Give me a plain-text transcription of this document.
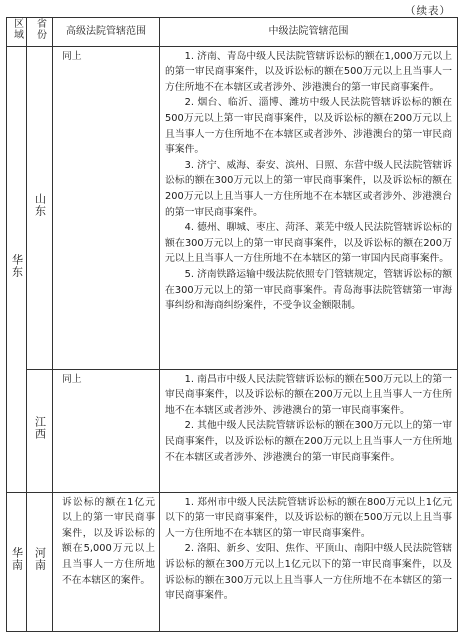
（续表）
区域	省份	高级法院管辖范围	中级法院管辖范围
华东	山东	同上	1. 济南、青岛中级人民法院管辖诉讼标的额在1,000万元以上的第一审民商事案件，以及诉讼标的额在500万元以上且当事人一方住所地不在本辖区或者涉外、涉港澳台的第一审民商事案件。
2. 烟台、临沂、淄博、潍坊中级人民法院管辖诉讼标的额在500万元以上第一审民商事案件，以及诉讼标的额在200万元以上且当事人一方住所地不在本辖区或者涉外、涉港澳台的第一审民商事案件。
3. 济宁、威海、泰安、滨州、日照、东营中级人民法院管辖诉讼标的额在300万元以上的第一审民商事案件，以及诉讼标的额在200万元以上且当事人一方住所地不在本辖区或者涉外、涉港澳台的第一审民商事案件。
4. 德州、聊城、枣庄、菏泽、莱芜中级人民法院管辖诉讼标的额在300万元以上的第一审民商事案件，以及诉讼标的额在200万元以上且当事人一方住所地不在本辖区的第一审国内民商事案件。
5. 济南铁路运输中级法院依照专门管辖规定，管辖诉讼标的额在300万元以上的第一审民商事案件。青岛海事法院管辖第一审海事纠纷和海商纠纷案件，不受争议金额限制。

	江西	同上	1. 南昌市中级人民法院管辖诉讼标的额在500万元以上的第一审民商事案件，以及诉讼标的额在200万元以上且当事人一方住所地不在本辖区或者涉外、涉港澳台的第一审民商事案件。
2. 其他中级人民法院管辖诉讼标的额在300万元以上的第一审民商事案件，以及诉讼标的额在200万元以上且当事人一方住所地不在本辖区或者涉外、涉港澳台的第一审民商事案件。

华南	河南	诉讼标的额在1亿元以上的第一审民商事案件，以及诉讼标的额在5,000万元以上且当事人一方住所地不在本辖区的案件。	1. 郑州市中级人民法院管辖诉讼标的额在800万元以上1亿元以下的第一审民商事案件，以及诉讼标的额在500万元以上且当事人一方住所地不在本辖区的第一审民商事案件。
2. 洛阳、新乡、安阳、焦作、平顶山、南阳中级人民法院管辖诉讼标的额在300万元以上1亿元以下的第一审民商事案件，以及诉讼标的额在300万元以上且当事人一方住所地不在本辖区的第一审民商事案件。
